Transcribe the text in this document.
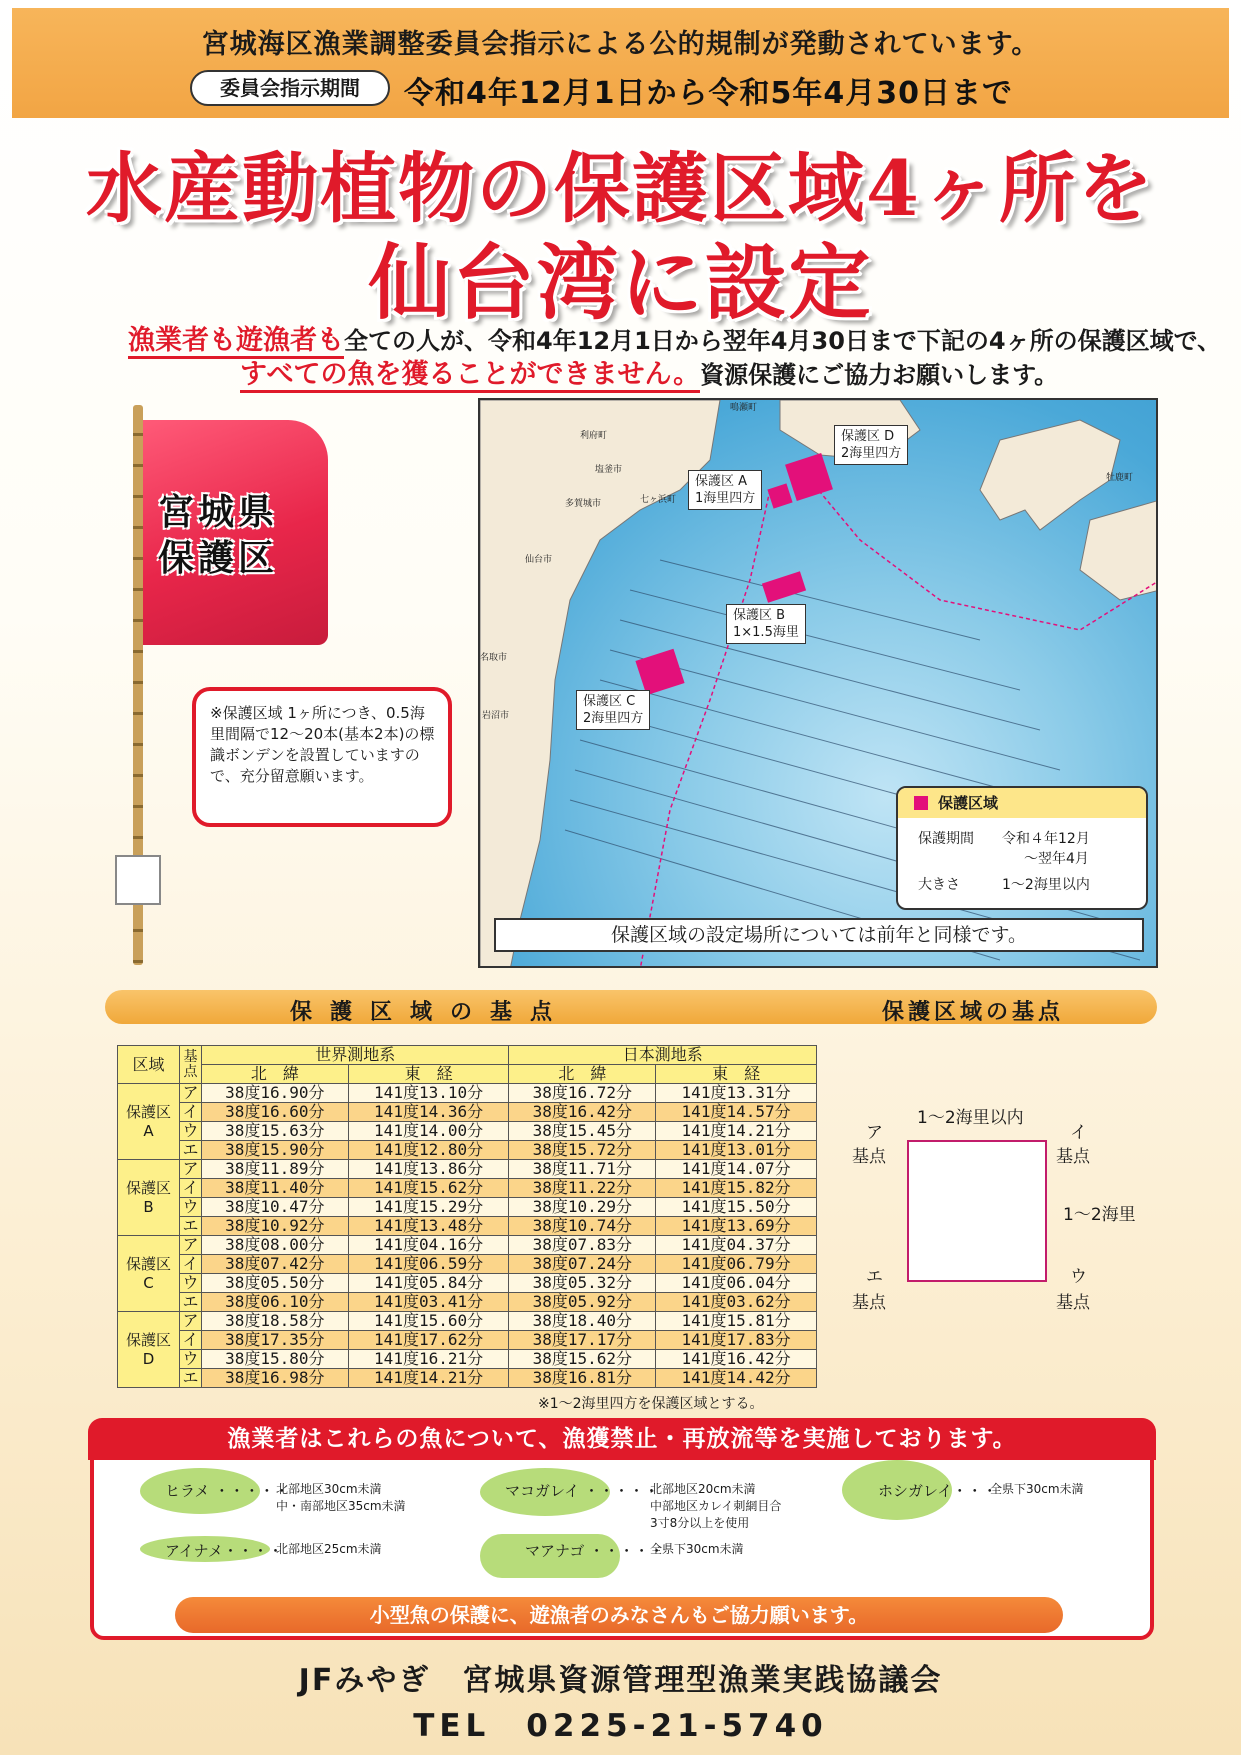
宮城海区漁業調整委員会指示による公的規制が発動されています。
委員会指示期間	令和4年12月1日から令和5年4月30日まで
水産動植物の保護区域4ヶ所を
仙台湾に設定
漁業者も遊漁者も全ての人が、令和4年12月1日から翌年4月30日まで下記の4ヶ所の保護区域で、
すべての魚を獲ることができません。資源保護にご協力お願いします。
宮城県
保護区
※保護区域 1ヶ所につき、0.5海里間隔で12〜20本(基本2本)の標識ボンデンを設置していますので、充分留意願います。
鳴瀬町
利府町
塩釜市
七ヶ浜町
多賀城市
仙台市
名取市
岩沼市
牡鹿町
保護区 D
2海里四方
保護区 A
1海里四方
保護区 B
1×1.5海里
保護区 C
2海里四方
保護区域
保護期間 令和４年12月
〜翌年4月
大きさ	1〜2海里以内
保護区域の設定場所については前年と同様です。
保護区域の基点	保護区域の基点
区域	基点	世界測地系		日本測地系	
		北　緯	東　経	北　緯	東　経

保護区
A	ア	38度16.90分	141度13.10分	38度16.72分	141度13.31分
	イ	38度16.60分	141度14.36分	38度16.42分	141度14.57分
	ウ	38度15.63分	141度14.00分	38度15.45分	141度14.21分
	エ	38度15.90分	141度12.80分	38度15.72分	141度13.01分

保護区
B	ア	38度11.89分	141度13.86分	38度11.71分	141度14.07分
	イ	38度11.40分	141度15.62分	38度11.22分	141度15.82分
	ウ	38度10.47分	141度15.29分	38度10.29分	141度15.50分
	エ	38度10.92分	141度13.48分	38度10.74分	141度13.69分

保護区
C	ア	38度08.00分	141度04.16分	38度07.83分	141度04.37分
	イ	38度07.42分	141度06.59分	38度07.24分	141度06.79分
	ウ	38度05.50分	141度05.84分	38度05.32分	141度06.04分
	エ	38度06.10分	141度03.41分	38度05.92分	141度03.62分

保護区
D	ア	38度18.58分	141度15.60分	38度18.40分	141度15.81分
	イ	38度17.35分	141度17.62分	38度17.17分	141度17.83分
	ウ	38度15.80分	141度16.21分	38度15.62分	141度16.42分
	エ	38度16.98分	141度14.21分	38度16.81分	141度14.42分
※1〜2海里四方を保護区域とする。
1〜2海里以内
ア
基点
イ
基点
1〜2海里
エ
基点
ウ
基点
漁業者はこれらの魚について、漁獲禁止・再放流等を実施しております。
ヒラメ ・・・・・
北部地区30cm未満
中・南部地区35cm未満
アイナメ・・・・
北部地区25cm未満
マコガレイ ・・・・・
北部地区20cm未満
中部地区カレイ刺網目合
3寸8分以上を使用
マアナゴ ・・・・・
全県下30cm未満
ホシガレイ・・・
全県下30cm未満
小型魚の保護に、遊漁者のみなさんもご協力願います。
JFみやぎ　宮城県資源管理型漁業実践協議会
TEL　0225-21-5740
